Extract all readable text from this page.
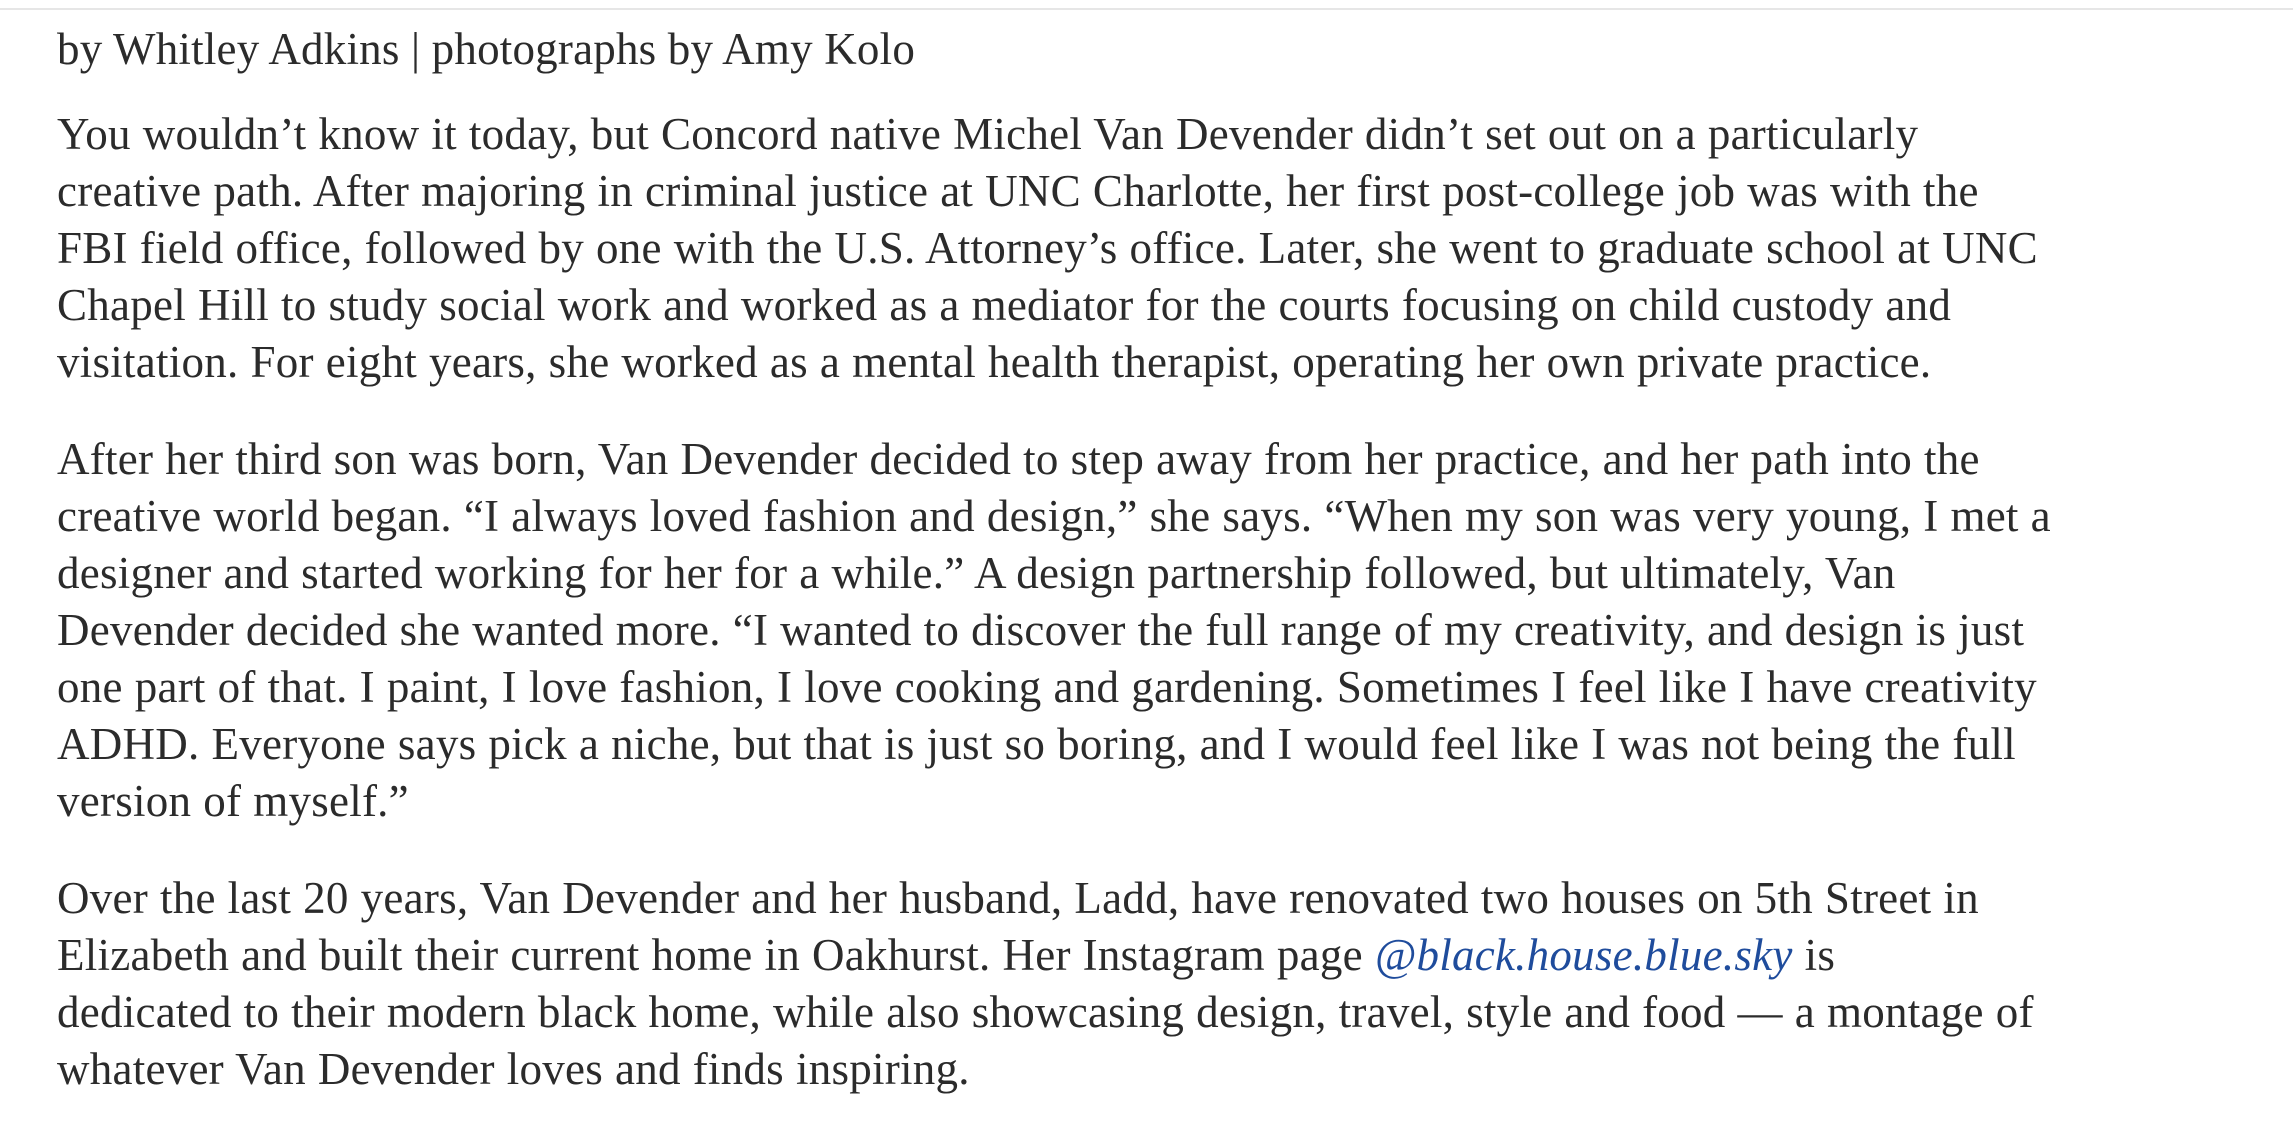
by Whitley Adkins | photographs by Amy Kolo

You wouldn’t know it today, but Concord native Michel Van Devender didn’t set out on a particularly
creative path. After majoring in criminal justice at UNC Charlotte, her first post-college job was with the
FBI field office, followed by one with the U.S. Attorney’s office. Later, she went to graduate school at UNC
Chapel Hill to study social work and worked as a mediator for the courts focusing on child custody and
visitation. For eight years, she worked as a mental health therapist, operating her own private practice.

After her third son was born, Van Devender decided to step away from her practice, and her path into the
creative world began. “I always loved fashion and design,” she says. “When my son was very young, I met a
designer and started working for her for a while.” A design partnership followed, but ultimately, Van
Devender decided she wanted more. “I wanted to discover the full range of my creativity, and design is just
one part of that. I paint, I love fashion, I love cooking and gardening. Sometimes I feel like I have creativity
ADHD. Everyone says pick a niche, but that is just so boring, and I would feel like I was not being the full
version of myself.”

Over the last 20 years, Van Devender and her husband, Ladd, have renovated two houses on 5th Street in
Elizabeth and built their current home in Oakhurst. Her Instagram page @black.house.blue.sky is
dedicated to their modern black home, while also showcasing design, travel, style and food — a montage of
whatever Van Devender loves and finds inspiring.
